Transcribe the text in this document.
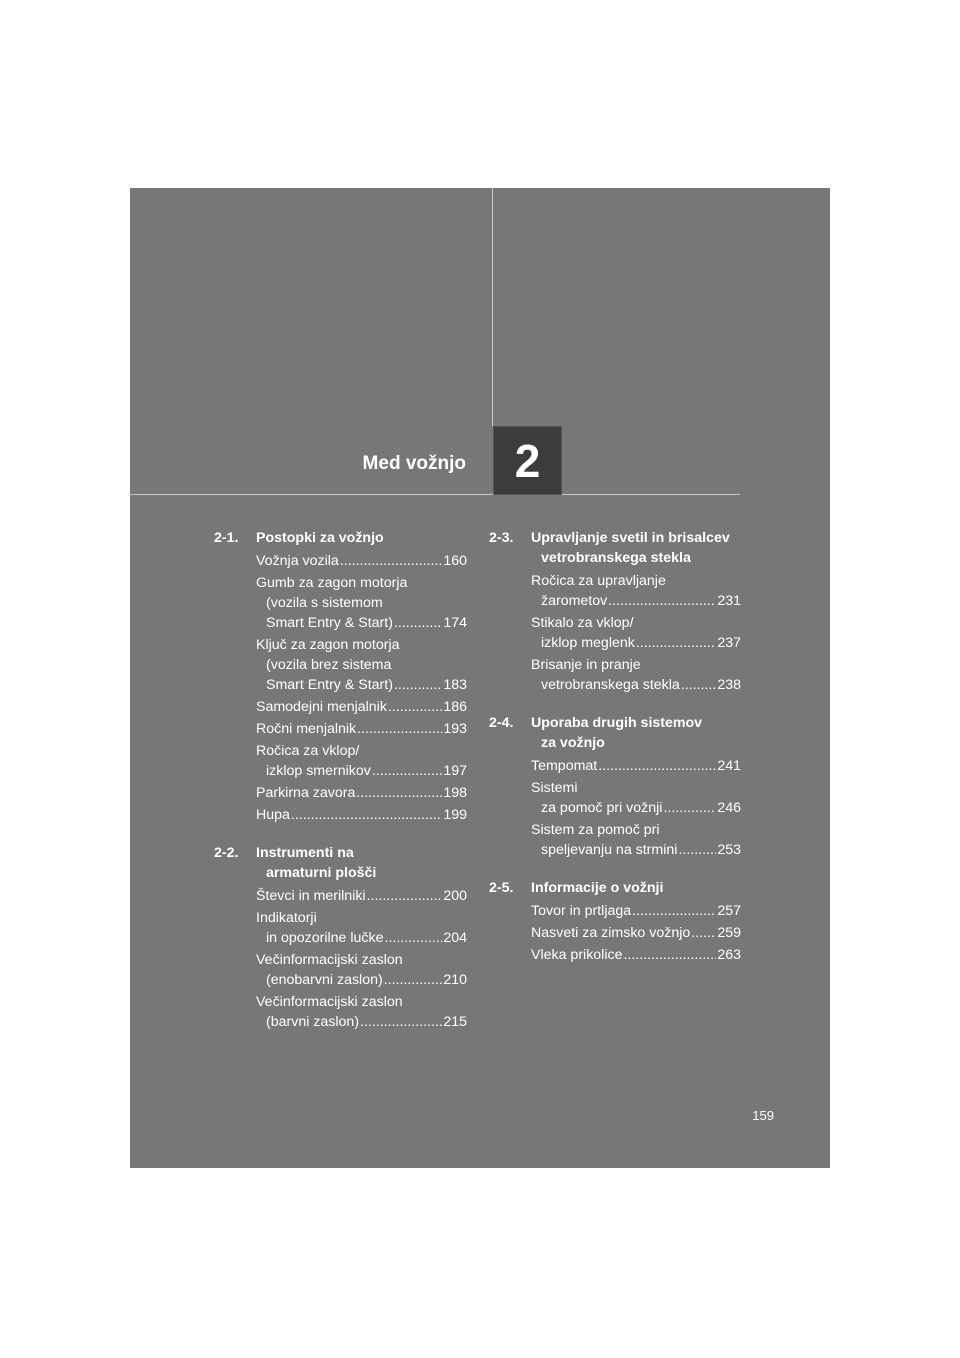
Med vožnjo 2
2-1.	Postopki za vožnjo
Vožnja vozila .....	160
Gumb za zagon motorja
(vozila s sistemom
Smart Entry & Start) .....	174
Ključ za zagon motorja
(vozila brez sistema
Smart Entry & Start) .....	183
Samodejni menjalnik .....	186
Ročni menjalnik .....	193
Ročica za vklop/
izklop smernikov .....	197
Parkirna zavora .....	198
Hupa .....	199
2-2.	Instrumenti na
armaturni plošči
Števci in merilniki .....	200
Indikatorji
in opozorilne lučke .....	204
Večinformacijski zaslon
(enobarvni zaslon) .....	210
Večinformacijski zaslon
(barvni zaslon) .....	215
2-3.	Upravljanje svetil in brisalcev
vetrobranskega stekla
Ročica za upravljanje
žarometov .....	231
Stikalo za vklop/
izklop meglenk .....	237
Brisanje in pranje
vetrobranskega stekla .....	238
2-4.	Uporaba drugih sistemov
za vožnjo
Tempomat .....	241
Sistemi
za pomoč pri vožnji .....	246
Sistem za pomoč pri
speljevanju na strmini .....	253
2-5.	Informacije o vožnji
Tovor in prtljaga .....	257
Nasveti za zimsko vožnjo ..... 259
Vleka prikolice .....	263
159
